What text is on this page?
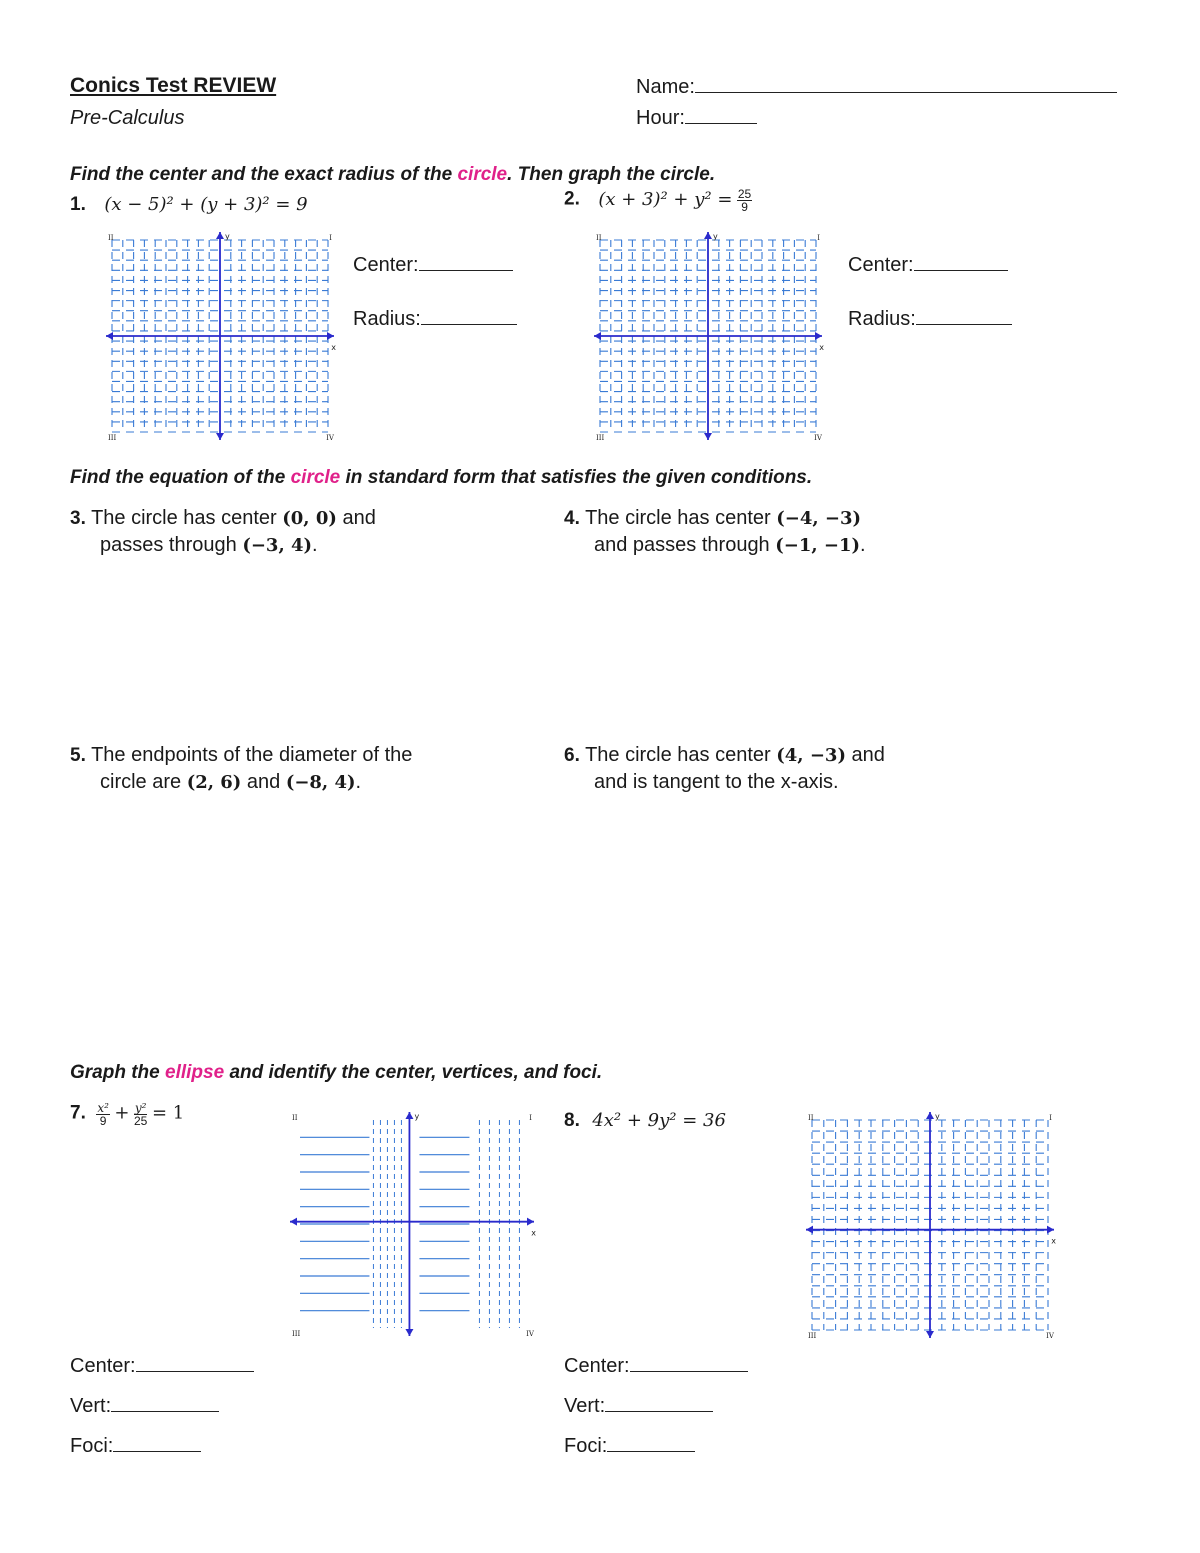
Conics Test REVIEW
Pre-Calculus
Name:
Hour:
Find the center and the exact radius of the circle. Then graph the circle.
1. (x − 5)² + (y + 3)² = 9	2. $(x + 3)^2 + y^2 = \frac{25}{9}$
x
y	I
II
III	IV
x
y	I
II
III	IV
Center:
Radius:
Center:
Radius:
Find the equation of the circle in standard form that satisfies the given conditions.
3. The circle has center (0, 0) and
passes through (−3, 4).
4. The circle has center (−4, −3)
and passes through (−1, −1).
5. The endpoints of the diameter of the
circle are (2, 6) and (−8, 4).
6. The circle has center (4, −3) and
and is tangent to the x-axis.
Graph the ellipse and identify the center, vertices, and foci.
7. $\frac{\text{x²}}{9} + \frac{\text{y²}}{25} = 1$	8. 4x² + 9y² = 36
x
y	I
II
III	IV
x
y	I
II
III	IV
Center:
Vert:
Foci:
Center:
Vert:
Foci:
